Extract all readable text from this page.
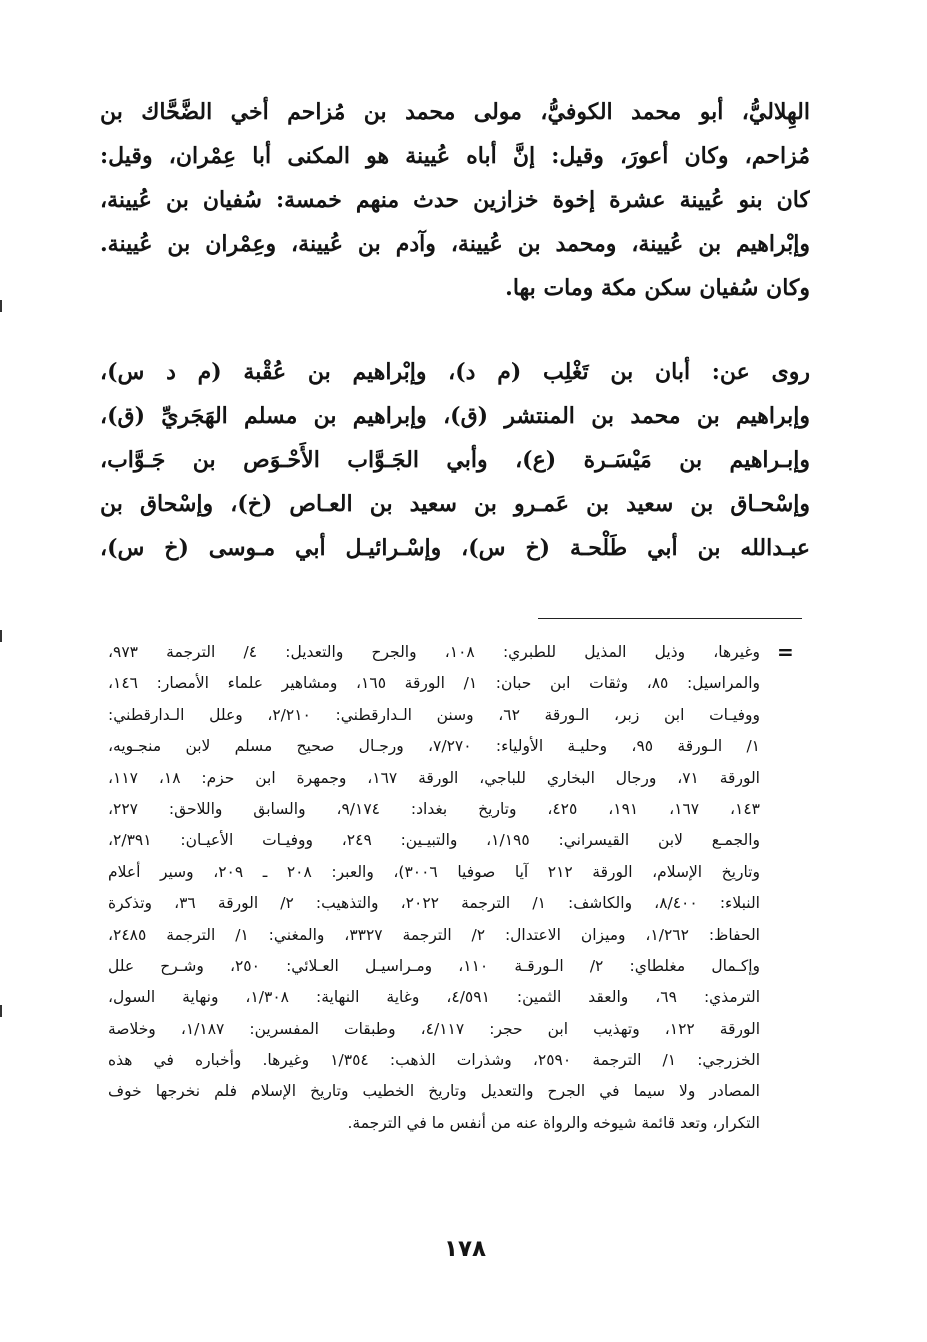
الهِلاليُّ، أبو محمد الكوفيُّ، مولى محمد بن مُزاحم أخي الضَّحَّاك بن
مُزاحم، وكان أعورَ، وقيل: إنَّ أباه عُيينة هو المكنى أبا عِمْران، وقيل:
كان بنو عُيينة عشرة إخوة خزازين حدث منهم خمسة: سُفيان بن عُيينة،
وإبْراهيم بن عُيينة، ومحمد بن عُيينة، وآدم بن عُيينة، وعِمْران بن عُيينة.
وكان سُفيان سكن مكة ومات بها.
روى عن: أبان بن تَغْلِب (م د)، وإبْراهيم بن عُقْبة (م د س)،
وإبراهيم بن محمد بن المنتشر (ق)، وإبراهيم بن مسلم الهَجَريِّ (ق)،
وإبـراهيم بن مَيْسَـرة (ع)، وأبي الجَـوَّاب الأَحْـوَص بن جَـوَّاب،
وإسْحـاق بن سعيد بن عَمـرو بن سعيد بن العـاص (خ)، وإسْحاق بن
عبـدالله بن أبي طَلْحـة (خ س)، وإسْـرائيـل أبي مـوسى (خ س)،
=
وغيرها، وذيل المذيل للطبري: ١٠٨، والجرح والتعديل: ٤/ الترجمة ٩٧٣،
والمراسيل: ٨٥، وثقات ابن حبان: ١/ الورقة ١٦٥، ومشاهير علماء الأمصار: ١٤٦،
ووفيـات ابن زبر، الـورقة ٦٢، وسنن الـدارقطني: ٢/٢١٠، وعلل الـدارقطني:
١/ الـورقة ٩٥، وحليـة الأولياء: ٧/٢٧٠، ورجـال صحيح مسلم لابن منجـويه،
الورقة ٧١، ورجال البخاري للباجي، الورقة ١٦٧، وجمهرة ابن حزم: ١٨، ١١٧،
١٤٣، ١٦٧، ١٩١، ٤٢٥، وتاريخ بغداد: ٩/١٧٤، والسابق واللاحق: ٢٢٧،
والجمـع لابن القيسراني: ١/١٩٥، والتبيـين: ٢٤٩، ووفيـات الأعيـان: ٢/٣٩١،
وتاريخ الإسلام، الورقة ٢١٢ آيا صوفيا ٣٠٠٦)، والعبر: ٢٠٨ ـ ٢٠٩، وسير أعلام
النبلاء: ٨/٤٠٠، والكاشف: ١/ الترجمة ٢٠٢٢، والتذهيب: ٢/ الورقة ٣٦، وتذكرة
الحفاظ: ١/٢٦٢، وميزان الاعتدال: ٢/ الترجمة ٣٣٢٧، والمغني: ١/ الترجمة ٢٤٨٥،
وإكـمال مغلطاي: ٢/ الـورقـة ١١٠، ومـراسيـل العـلائي: ٢٥٠، وشـرح علل
الترمذي: ٦٩، والعقد الثمين: ٤/٥٩١، وغاية النهاية: ١/٣٠٨، ونهاية السول،
الورقة ١٢٢، وتهذيب ابن حجر: ٤/١١٧، وطبقات المفسرين: ١/١٨٧، وخلاصة
الخزرجي: ١/ الترجمة ٢٥٩٠، وشذرات الذهب: ١/٣٥٤ وغيرها. وأخباره في هذه
المصادر ولا سيما في الجرح والتعديل وتاريخ الخطيب وتاريخ الإسلام فلم نخرجها خوف
التكرار، وتعد قائمة شيوخه والرواة عنه من أنفس ما في الترجمة.
١٧٨
